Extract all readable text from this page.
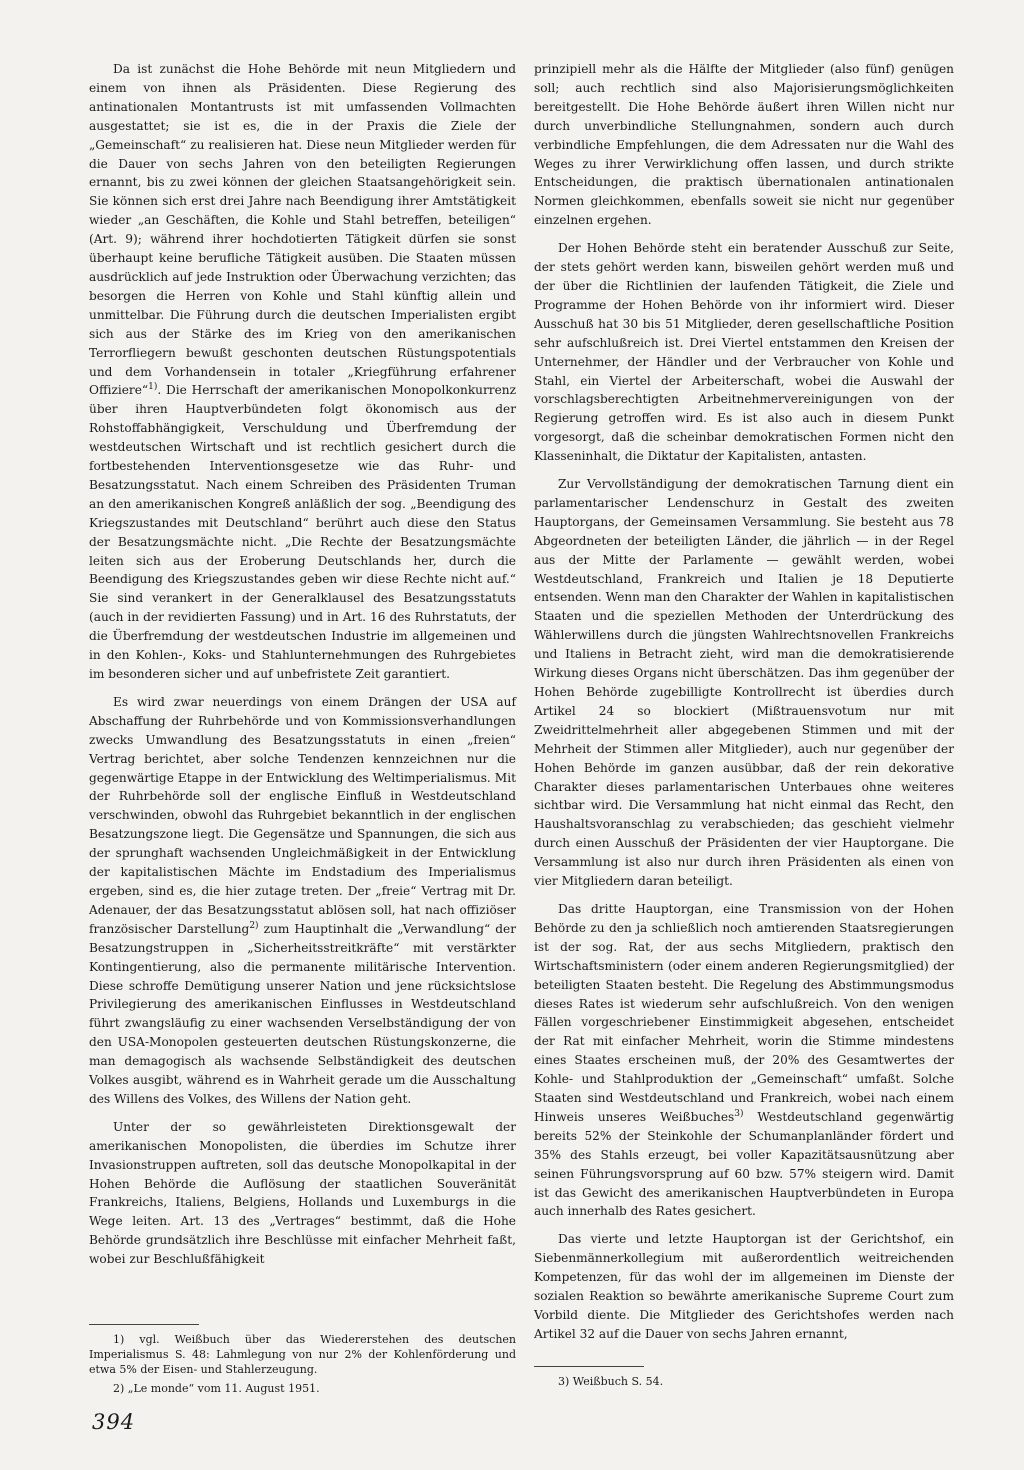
Da ist zunächst die Hohe Behörde mit neun Mitgliedern und einem von ihnen als Präsidenten. Diese Regierung des antinationalen Montantrusts ist mit umfassenden Vollmachten ausgestattet; sie ist es, die in der Praxis die Ziele der „Gemeinschaft“ zu realisieren hat. Diese neun Mitglieder werden für die Dauer von sechs Jahren von den beteiligten Regierungen ernannt, bis zu zwei können der gleichen Staatsangehörigkeit sein. Sie können sich erst drei Jahre nach Beendigung ihrer Amtstätigkeit wieder „an Geschäften, die Kohle und Stahl betreffen, beteiligen“ (Art. 9); während ihrer hochdotierten Tätigkeit dürfen sie sonst überhaupt keine berufliche Tätigkeit ausüben. Die Staaten müssen ausdrücklich auf jede Instruktion oder Überwachung verzichten; das besorgen die Herren von Kohle und Stahl künftig allein und unmittelbar. Die Führung durch die deutschen Imperialisten ergibt sich aus der Stärke des im Krieg von den amerikanischen Terrorfliegern bewußt geschonten deutschen Rüstungspotentials und dem Vorhandensein in totaler „Kriegführung erfahrener Offiziere“$^{1)}$. Die Herrschaft der amerikanischen Monopolkonkurrenz über ihren Hauptverbündeten folgt ökonomisch aus der Rohstoffabhängigkeit, Verschuldung und Überfremdung der westdeutschen Wirtschaft und ist rechtlich gesichert durch die fortbestehenden Interventionsgesetze wie das Ruhr- und Besatzungsstatut. Nach einem Schreiben des Präsidenten Truman an den amerikanischen Kongreß anläßlich der sog. „Beendigung des Kriegszustandes mit Deutschland“ berührt auch diese den Status der Besatzungsmächte nicht. „Die Rechte der Besatzungsmächte leiten sich aus der Eroberung Deutschlands her, durch die Beendigung des Kriegszustandes geben wir diese Rechte nicht auf.“ Sie sind verankert in der Generalklausel des Besatzungsstatuts (auch in der revidierten Fassung) und in Art. 16 des Ruhrstatuts, der die Überfremdung der westdeutschen Industrie im allgemeinen und in den Kohlen-, Koks- und Stahlunternehmungen des Ruhrgebietes im besonderen sicher und auf unbefristete Zeit garantiert.

Es wird zwar neuerdings von einem Drängen der USA auf Abschaffung der Ruhrbehörde und von Kommissionsverhandlungen zwecks Umwandlung des Besatzungsstatuts in einen „freien“ Vertrag berichtet, aber solche Tendenzen kennzeichnen nur die gegenwärtige Etappe in der Entwicklung des Weltimperialismus. Mit der Ruhrbehörde soll der englische Einfluß in Westdeutschland verschwinden, obwohl das Ruhrgebiet bekanntlich in der englischen Besatzungszone liegt. Die Gegensätze und Spannungen, die sich aus der sprunghaft wachsenden Ungleichmäßigkeit in der Entwicklung der kapitalistischen Mächte im Endstadium des Imperialismus ergeben, sind es, die hier zutage treten. Der „freie“ Vertrag mit Dr. Adenauer, der das Besatzungsstatut ablösen soll, hat nach offiziöser französischer Darstellung$^{2)}$ zum Hauptinhalt die „Verwandlung“ der Besatzungstruppen in „Sicherheitsstreitkräfte“ mit verstärkter Kontingentierung, also die permanente militärische Intervention. Diese schroffe Demütigung unserer Nation und jene rücksichtslose Privilegierung des amerikanischen Einflusses in Westdeutschland führt zwangsläufig zu einer wachsenden Verselbständigung der von den USA-Monopolen gesteuerten deutschen Rüstungskonzerne, die man demagogisch als wachsende Selbständigkeit des deutschen Volkes ausgibt, während es in Wahrheit gerade um die Ausschaltung des Willens des Volkes, des Willens der Nation geht.

Unter der so gewährleisteten Direktionsgewalt der amerikanischen Monopolisten, die überdies im Schutze ihrer Invasionstruppen auftreten, soll das deutsche Monopolkapital in der Hohen Behörde die Auflösung der staatlichen Souveränität Frankreichs, Italiens, Belgiens, Hollands und Luxemburgs in die Wege leiten. Art. 13 des „Vertrages“ bestimmt, daß die Hohe Behörde grundsätzlich ihre Beschlüsse mit einfacher Mehrheit faßt, wobei zur Beschlußfähigkeit

prinzipiell mehr als die Hälfte der Mitglieder (also fünf) genügen soll; auch rechtlich sind also Majorisierungsmöglichkeiten bereitgestellt. Die Hohe Behörde äußert ihren Willen nicht nur durch unverbindliche Stellungnahmen, sondern auch durch verbindliche Empfehlungen, die dem Adressaten nur die Wahl des Weges zu ihrer Verwirklichung offen lassen, und durch strikte Entscheidungen, die praktisch übernationalen antinationalen Normen gleichkommen, ebenfalls soweit sie nicht nur gegenüber einzelnen ergehen.

Der Hohen Behörde steht ein beratender Ausschuß zur Seite, der stets gehört werden kann, bisweilen gehört werden muß und der über die Richtlinien der laufenden Tätigkeit, die Ziele und Programme der Hohen Behörde von ihr informiert wird. Dieser Ausschuß hat 30 bis 51 Mitglieder, deren gesellschaftliche Position sehr aufschlußreich ist. Drei Viertel entstammen den Kreisen der Unternehmer, der Händler und der Verbraucher von Kohle und Stahl, ein Viertel der Arbeiterschaft, wobei die Auswahl der vorschlagsberechtigten Arbeitnehmervereinigungen von der Regierung getroffen wird. Es ist also auch in diesem Punkt vorgesorgt, daß die scheinbar demokratischen Formen nicht den Klasseninhalt, die Diktatur der Kapitalisten, antasten.

Zur Vervollständigung der demokratischen Tarnung dient ein parlamentarischer Lendenschurz in Gestalt des zweiten Hauptorgans, der Gemeinsamen Versammlung. Sie besteht aus 78 Abgeordneten der beteiligten Länder, die jährlich — in der Regel aus der Mitte der Parlamente — gewählt werden, wobei Westdeutschland, Frankreich und Italien je 18 Deputierte entsenden. Wenn man den Charakter der Wahlen in kapitalistischen Staaten und die speziellen Methoden der Unterdrückung des Wählerwillens durch die jüngsten Wahlrechtsnovellen Frankreichs und Italiens in Betracht zieht, wird man die demokratisierende Wirkung dieses Organs nicht überschätzen. Das ihm gegenüber der Hohen Behörde zugebilligte Kontrollrecht ist überdies durch Artikel 24 so blockiert (Mißtrauensvotum nur mit Zweidrittelmehrheit aller abgegebenen Stimmen und mit der Mehrheit der Stimmen aller Mitglieder), auch nur gegenüber der Hohen Behörde im ganzen ausübbar, daß der rein dekorative Charakter dieses parlamentarischen Unterbaues ohne weiteres sichtbar wird. Die Versammlung hat nicht einmal das Recht, den Haushaltsvoranschlag zu verabschieden; das geschieht vielmehr durch einen Ausschuß der Präsidenten der vier Hauptorgane. Die Versammlung ist also nur durch ihren Präsidenten als einen von vier Mitgliedern daran beteiligt.

Das dritte Hauptorgan, eine Transmission von der Hohen Behörde zu den ja schließlich noch amtierenden Staatsregierungen ist der sog. Rat, der aus sechs Mitgliedern, praktisch den Wirtschaftsministern (oder einem anderen Regierungsmitglied) der beteiligten Staaten besteht. Die Regelung des Abstimmungsmodus dieses Rates ist wiederum sehr aufschlußreich. Von den wenigen Fällen vorgeschriebener Einstimmigkeit abgesehen, entscheidet der Rat mit einfacher Mehrheit, worin die Stimme mindestens eines Staates erscheinen muß, der 20% des Gesamtwertes der Kohle- und Stahlproduktion der „Gemeinschaft“ umfaßt. Solche Staaten sind Westdeutschland und Frankreich, wobei nach einem Hinweis unseres Weißbuches$^{3)}$ Westdeutschland gegenwärtig bereits 52% der Steinkohle der Schumanplanländer fördert und 35% des Stahls erzeugt, bei voller Kapazitätsausnützung aber seinen Führungsvorsprung auf 60 bzw. 57% steigern wird. Damit ist das Gewicht des amerikanischen Hauptverbündeten in Europa auch innerhalb des Rates gesichert.

Das vierte und letzte Hauptorgan ist der Gerichtshof, ein Siebenmännerkollegium mit außerordentlich weitreichenden Kompetenzen, für das wohl der im allgemeinen im Dienste der sozialen Reaktion so bewährte amerikanische Supreme Court zum Vorbild diente. Die Mitglieder des Gerichtshofes werden nach Artikel 32 auf die Dauer von sechs Jahren ernannt,

1) vgl. Weißbuch über das Wiedererstehen des deutschen Imperialismus S. 48: Lahmlegung von nur 2% der Kohlenförderung und etwa 5% der Eisen- und Stahlerzeugung.

2) „Le monde“ vom 11. August 1951.

3) Weißbuch S. 54.

394
